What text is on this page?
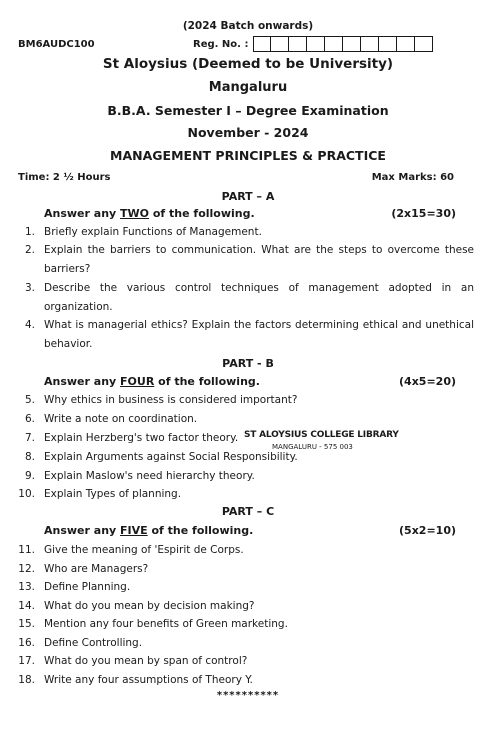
(2024 Batch onwards)
BM6AUDC100	Reg. No. :
St Aloysius (Deemed to be University)
Mangaluru
B.B.A. Semester I – Degree Examination
November - 2024
MANAGEMENT PRINCIPLES & PRACTICE
Time: 2 ½ Hours	Max Marks: 60
PART – A
Answer any TWO of the following.	(2x15=30)
1. Briefly explain Functions of Management.
2. Explain the barriers to communication. What are the steps to overcome these barriers?
3. Describe the various control techniques of management adopted in an organization.
4. What is managerial ethics? Explain the factors determining ethical and unethical behavior.
PART - B
Answer any FOUR of the following.	(4x5=20)
5. Why ethics in business is considered important?
6. Write a note on coordination.
7. Explain Herzberg's two factor theory.
8. Explain Arguments against Social Responsibility.
9. Explain Maslow's need hierarchy theory.
10. Explain Types of planning.
ST ALOYSIUS COLLEGE LIBRARY
MANGALURU - 575 003
PART – C
Answer any FIVE of the following.	(5x2=10)
11. Give the meaning of 'Espirit de Corps.
12. Who are Managers?
13. Define Planning.
14. What do you mean by decision making?
15. Mention any four benefits of Green marketing.
16. Define Controlling.
17. What do you mean by span of control?
18. Write any four assumptions of Theory Y.
**********
